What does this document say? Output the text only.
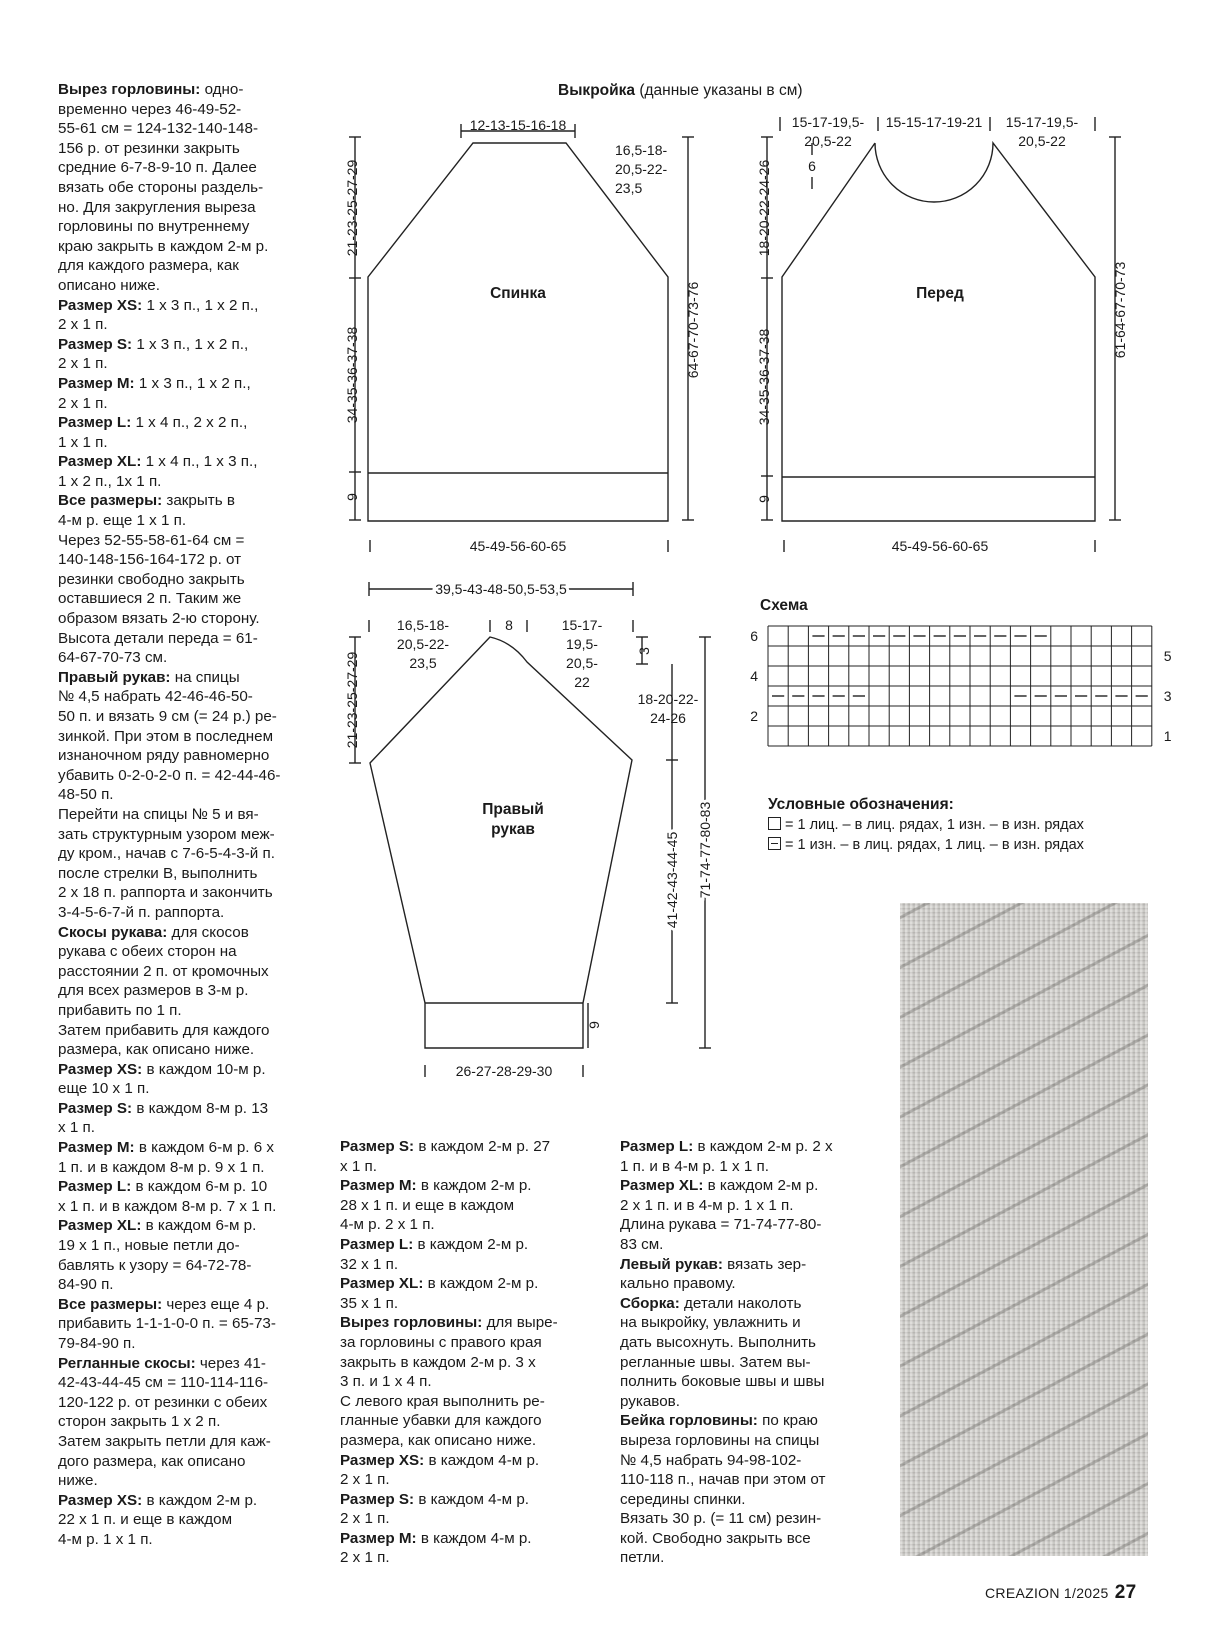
Вырез горловины: одно-

временно через 46-49-52-

55-61 см = 124-132-140-148-

156 р. от резинки закрыть

средние 6-7-8-9-10 п. Далее

вязать обе стороны раздель-

но. Для закругления выреза

горловины по внутреннему

краю закрыть в каждом 2-м р.

для каждого размера, как

описано ниже.

Размер XS: 1 х 3 п., 1 х 2 п.,

2 х 1 п.

Размер S: 1 х 3 п., 1 х 2 п.,

2 х 1 п.

Размер M: 1 х 3 п., 1 х 2 п.,

2 х 1 п.

Размер L: 1 х 4 п., 2 х 2 п.,

1 х 1 п.

Размер XL: 1 х 4 п., 1 х 3 п.,

1 х 2 п., 1х 1 п.

Все размеры: закрыть в

4-м р. еще 1 х 1 п.

Через 52-55-58-61-64 см =

140-148-156-164-172 р. от

резинки свободно закрыть

оставшиеся 2 п. Таким же

образом вязать 2-ю сторону.

Высота детали переда = 61-

64-67-70-73 см.

Правый рукав: на спицы

№ 4,5 набрать 42-46-46-50-

50 п. и вязать 9 см (= 24 р.) ре-

зинкой. При этом в последнем

изнаночном ряду равномерно

убавить 0-2-0-2-0 п. = 42-44-46-

48-50 п.

Перейти на спицы № 5 и вя-

зать структурным узором меж-

ду кром., начав с 7-6-5-4-3-й п.

после стрелки В, выполнить

2 х 18 п. раппорта и закончить

3-4-5-6-7-й п. раппорта.

Скосы рукава: для скосов

рукава с обеих сторон на

расстоянии 2 п. от кромочных

для всех размеров в 3-м р.

прибавить по 1 п.

Затем прибавить для каждого

размера, как описано ниже.

Размер XS: в каждом 10-м р.

еще 10 х 1 п.

Размер S: в каждом 8-м р. 13

х 1 п.

Размер M: в каждом 6-м р. 6 х

1 п. и в каждом 8-м р. 9 х 1 п.

Размер L: в каждом 6-м р. 10

х 1 п. и в каждом 8-м р. 7 х 1 п.

Размер XL: в каждом 6-м р.

19 х 1 п., новые петли до-

бавлять к узору = 64-72-78-

84-90 п.

Все размеры: через еще 4 р.

прибавить 1-1-1-0-0 п. = 65-73-

79-84-90 п.

Регланные скосы: через 41-

42-43-44-45 см = 110-114-116-

120-122 р. от резинки с обеих

сторон закрыть 1 х 2 п.

Затем закрыть петли для каж-

дого размера, как описано

ниже.

Размер XS: в каждом 2-м р.

22 х 1 п. и еще в каждом

4-м р. 1 х 1 п.

Размер S: в каждом 2-м р. 27

х 1 п.

Размер M: в каждом 2-м р.

28 х 1 п. и еще в каждом

4-м р. 2 х 1 п.

Размер L: в каждом 2-м р.

32 х 1 п.

Размер XL: в каждом 2-м р.

35 х 1 п.

Вырез горловины: для выре-

за горловины с правого края

закрыть в каждом 2-м р. 3 х

3 п. и 1 х 4 п.

С левого края выполнить ре-

гланные убавки для каждого

размера, как описано ниже.

Размер XS: в каждом 4-м р.

2 х 1 п.

Размер S: в каждом 4-м р.

2 х 1 п.

Размер M: в каждом 4-м р.

2 х 1 п.

Размер L: в каждом 2-м р. 2 х

1 п. и в 4-м р. 1 х 1 п.

Размер XL: в каждом 2-м р.

2 х 1 п. и в 4-м р. 1 х 1 п.

Длина рукава = 71-74-77-80-

83 см.

Левый рукав: вязать зер-

кально правому.

Сборка: детали наколоть

на выкройку, увлажнить и

дать высохнуть. Выполнить

регланные швы. Затем вы-

полнить боковые швы и швы

рукавов.

Бейка горловины: по краю

выреза горловины на спицы

№ 4,5 набрать 94-98-102-

110-118 п., начав при этом от

середины спинки.

Вязать 30 р. (= 11 см) резин-

кой. Свободно закрыть все

петли.

Выкройка (данные указаны в см)
6
4
2
5
3
1
Спинка
12-13-15-16-18
16,5-18-
20,5-22-
23,5
21-23-25-27-29
34-35-36-37-38
9
64-67-70-73-76
45-49-56-60-65
Перед
15-17-19,5-
20,5-22
15-15-17-19-21 15-17-19,5-
20,5-22
6
18-20-22-24-26
34-35-36-37-38
9
61-64-67-70-73
45-49-56-60-65
Правый
рукав
39,5-43-48-50,5-53,5
16,5-18-
20,5-22-
23,5
8	15-17-
19,5-
20,5-
22
3
18-20-22-
24-26
21-23-25-27-29
41-42-43-44-45 71-74-77-80-83
9
26-27-28-29-30
Схема
Условные обозначения:
= 1 лиц. – в лиц. рядах, 1 изн. – в изн. рядах
= 1 изн. – в лиц. рядах, 1 лиц. – в изн. рядах
CREAZION 1/2025 27
